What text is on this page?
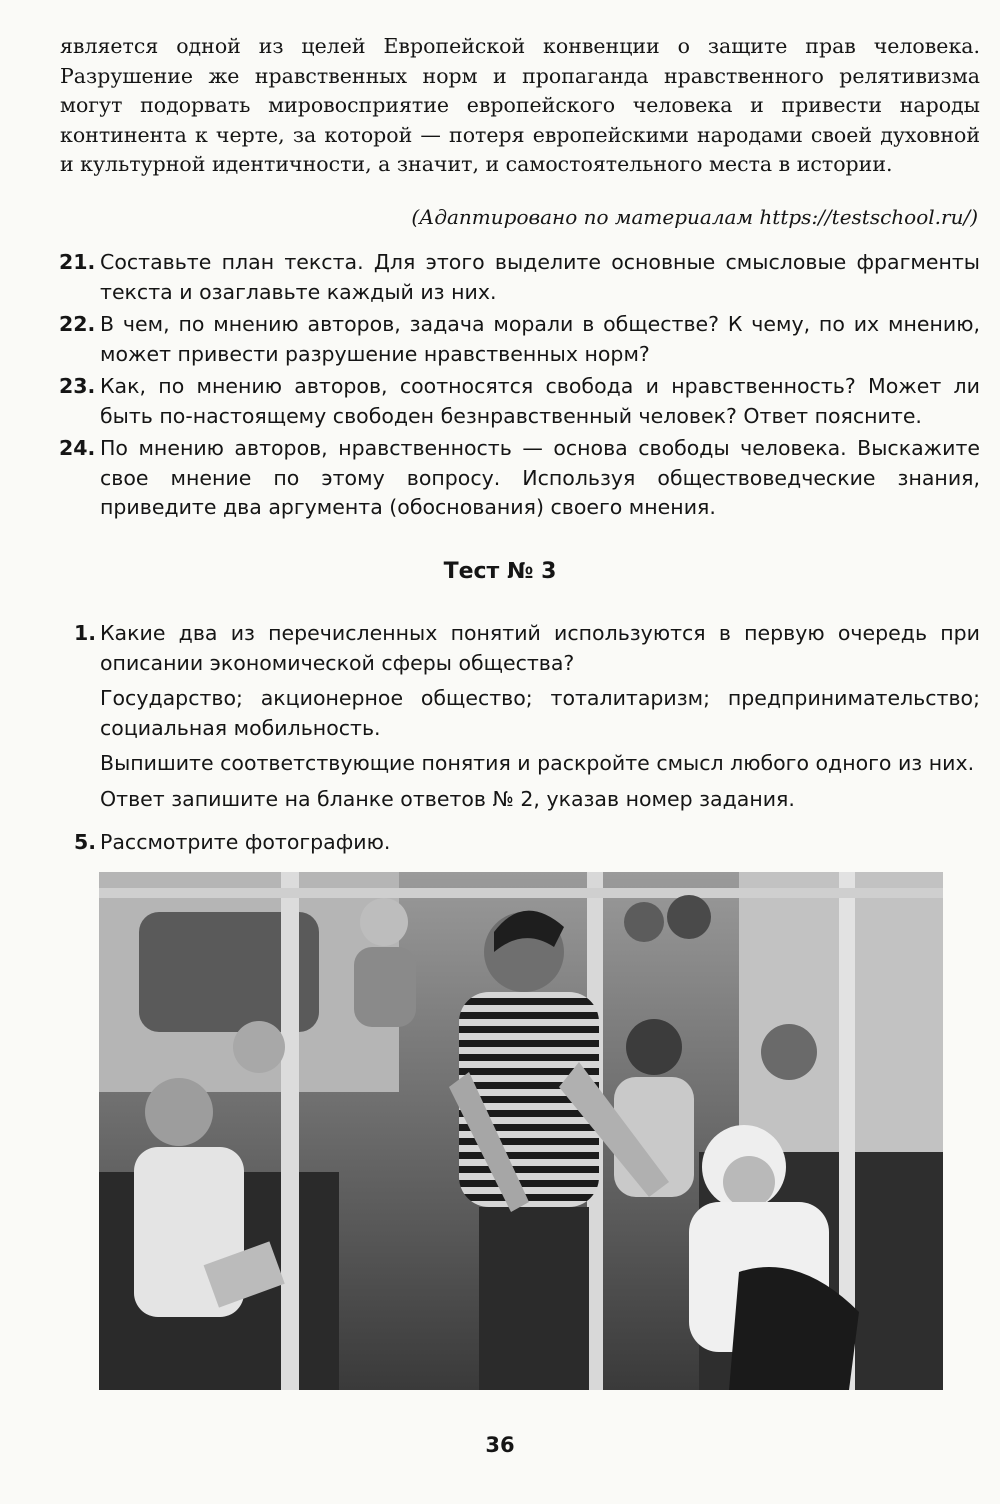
является одной из целей Европейской конвенции о защите прав человека. Разрушение же нравственных норм и пропаганда нравственного релятивизма могут подорвать мировосприятие европейского человека и привести народы континента к черте, за которой — потеря европейскими народами своей духовной и культурной идентичности, а значит, и самостоятельного места в истории.
(Адаптировано по материалам https://testschool.ru/)
21. Составьте план текста. Для этого выделите основные смысловые фрагменты текста и озаглавьте каждый из них.
22. В чем, по мнению авторов, задача морали в обществе? К чему, по их мнению, может привести разрушение нравственных норм?
23. Как, по мнению авторов, соотносятся свобода и нравственность? Может ли быть по-настоящему свободен безнравственный человек? Ответ поясните.
24. По мнению авторов, нравственность — основа свободы человека. Выскажите свое мнение по этому вопросу. Используя обществоведческие знания, приведите два аргумента (обоснования) своего мнения.
Тест № 3
1. Какие два из перечисленных понятий используются в первую очередь при описании экономической сферы общества?
Государство; акционерное общество; тоталитаризм; предпринимательство; социальная мобильность.
Выпишите соответствующие понятия и раскройте смысл любого одного из них.
Ответ запишите на бланке ответов № 2, указав номер задания.
5. Рассмотрите фотографию.
36
